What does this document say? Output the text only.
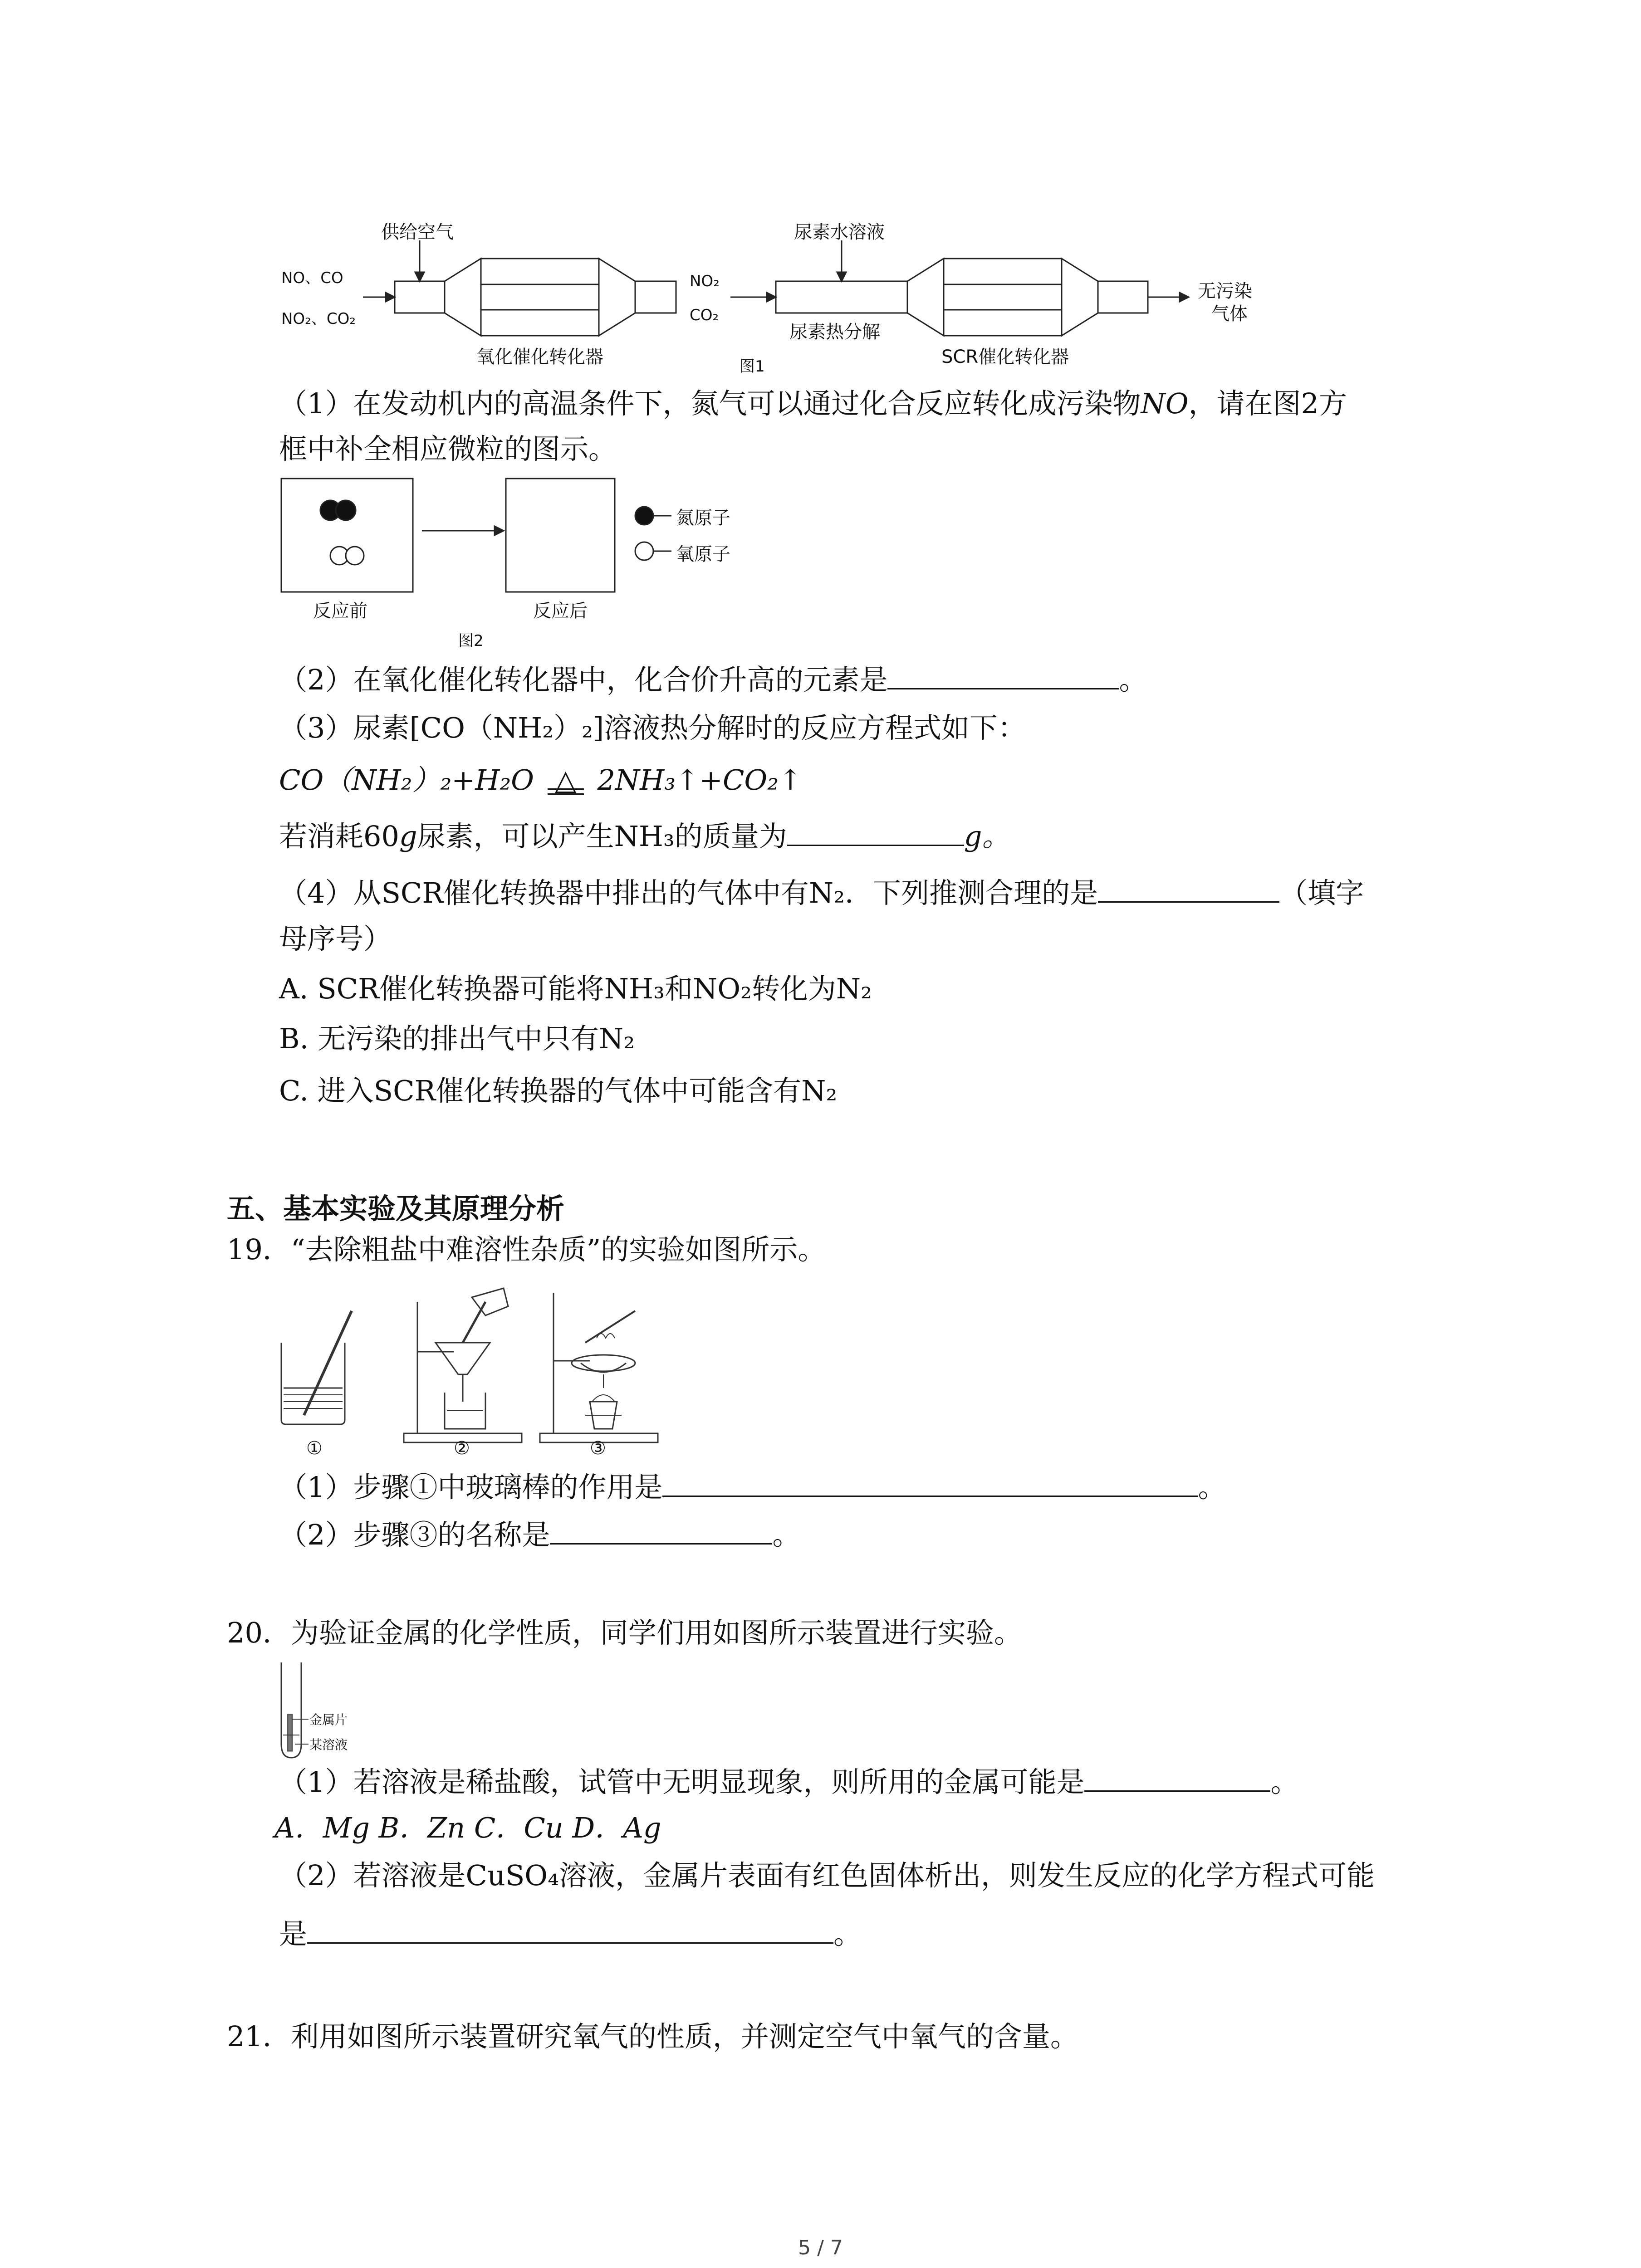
NO、CO
NO₂、CO₂
供给空气
氧化催化转化器
NO₂
CO₂
尿素水溶液
尿素热分解
SCR催化转化器
无污染
气体
图1
（1）在发动机内的高温条件下，氮气可以通过化合反应转化成污染物NO，请在图2方
框中补全相应微粒的图示。
反应前	反应后
图2
氮原子
氧原子
（2）在氧化催化转化器中，化合价升高的元素是	。
（3）尿素[CO（NH₂）₂]溶液热分解时的反应方程式如下：
CO（NH₂）₂+H₂O △ 2NH₃↑+CO₂↑
若消耗60g尿素，可以产生NH₃的质量为	g。
（4）从SCR催化转换器中排出的气体中有N₂．下列推测合理的是	（填字
母序号）
A. SCR催化转换器可能将NH₃和NO₂转化为N₂
B. 无污染的排出气中只有N₂
C. 进入SCR催化转换器的气体中可能含有N₂
五、基本实验及其原理分析
19．“去除粗盐中难溶性杂质”的实验如图所示。
①	②	③
（1）步骤①中玻璃棒的作用是	。
（2）步骤③的名称是	。
20．为验证金属的化学性质，同学们用如图所示装置进行实验。
金属片
某溶液
（1）若溶液是稀盐酸，试管中无明显现象，则所用的金属可能是	。
A．Mg B．Zn C．Cu D．Ag
（2）若溶液是CuSO₄溶液，金属片表面有红色固体析出，则发生反应的化学方程式可能
是	。
21．利用如图所示装置研究氧气的性质，并测定空气中氧气的含量。
5 / 7
